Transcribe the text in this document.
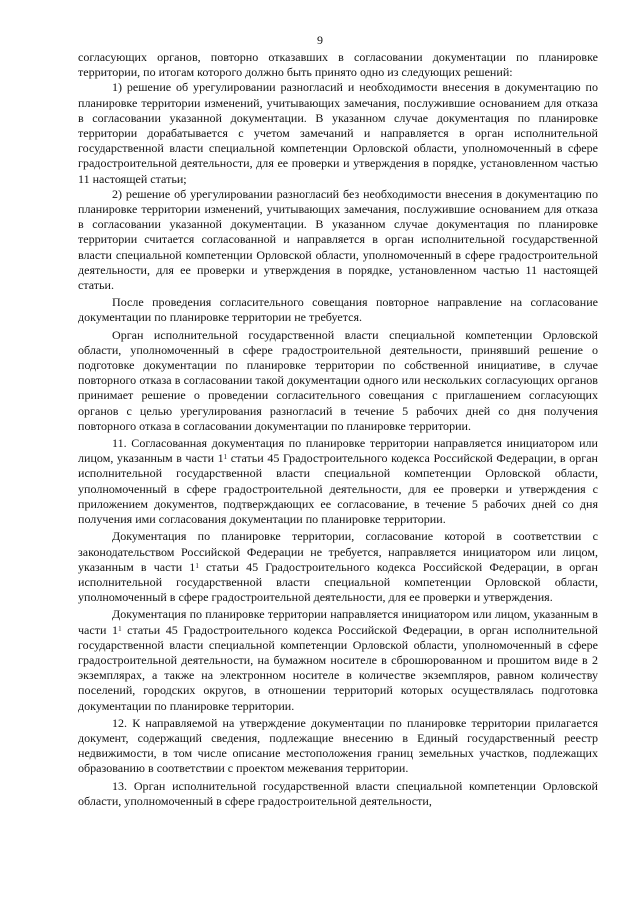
9

согласующих органов, повторно отказавших в согласовании документации по планировке территории, по итогам которого должно быть принято одно из следующих решений:

1) решение об урегулировании разногласий и необходимости внесения в документацию по планировке территории изменений, учитывающих замечания, послужившие основанием для отказа в согласовании указанной документации. В указанном случае документация по планировке территории дорабатывается с учетом замечаний и направляется в орган исполнительной государственной власти специальной компетенции Орловской области, уполномоченный в сфере градостроительной деятельности, для ее проверки и утверждения в порядке, установленном частью 11 настоящей статьи;

2) решение об урегулировании разногласий без необходимости внесения в документацию по планировке территории изменений, учитывающих замечания, послужившие основанием для отказа в согласовании указанной документации. В указанном случае документация по планировке территории считается согласованной и направляется в орган исполнительной государственной власти специальной компетенции Орловской области, уполномоченный в сфере градостроительной деятельности, для ее проверки и утверждения в порядке, установленном частью 11 настоящей статьи.

После проведения согласительного совещания повторное направление на согласование документации по планировке территории не требуется.

Орган исполнительной государственной власти специальной компетенции Орловской области, уполномоченный в сфере градостроительной деятельности, принявший решение о подготовке документации по планировке территории по собственной инициативе, в случае повторного отказа в согласовании такой документации одного или нескольких согласующих органов принимает решение о проведении согласительного совещания с приглашением согласующих органов с целью урегулирования разногласий в течение 5 рабочих дней со дня получения повторного отказа в согласовании документации по планировке территории.

11. Согласованная документация по планировке территории направляется инициатором или лицом, указанным в части $1^1$ статьи 45 Градостроительного кодекса Российской Федерации, в орган исполнительной государственной власти специальной компетенции Орловской области, уполномоченный в сфере градостроительной деятельности, для ее проверки и утверждения с приложением документов, подтверждающих ее согласование, в течение 5 рабочих дней со дня получения ими согласования документации по планировке территории.

Документация по планировке территории, согласование которой в соответствии с законодательством Российской Федерации не требуется, направляется инициатором или лицом, указанным в части $1^1$ статьи 45 Градостроительного кодекса Российской Федерации, в орган исполнительной государственной власти специальной компетенции Орловской области, уполномоченный в сфере градостроительной деятельности, для ее проверки и утверждения.

Документация по планировке территории направляется инициатором или лицом, указанным в части $1^1$ статьи 45 Градостроительного кодекса Российской Федерации, в орган исполнительной государственной власти специальной компетенции Орловской области, уполномоченный в сфере градостроительной деятельности, на бумажном носителе в сброшюрованном и прошитом виде в 2 экземплярах, а также на электронном носителе в количестве экземпляров, равном количеству поселений, городских округов, в отношении территорий которых осуществлялась подготовка документации по планировке территории.

12. К направляемой на утверждение документации по планировке территории прилагается документ, содержащий сведения, подлежащие внесению в Единый государственный реестр недвижимости, в том числе описание местоположения границ земельных участков, подлежащих образованию в соответствии с проектом межевания территории.

13. Орган исполнительной государственной власти специальной компетенции Орловской области, уполномоченный в сфере градостроительной деятельности,
